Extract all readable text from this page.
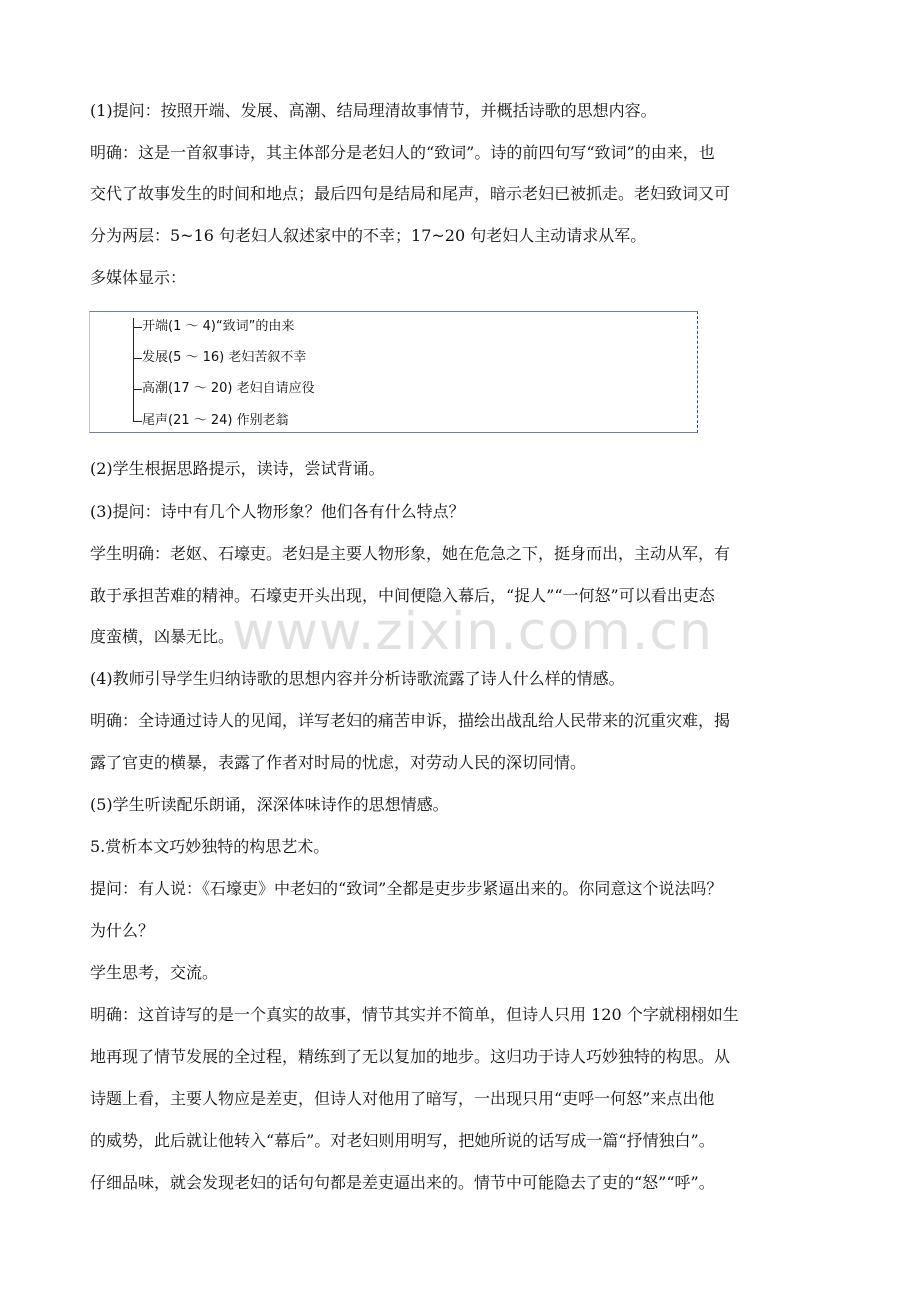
(1)提问：按照开端、发展、高潮、结局理清故事情节，并概括诗歌的思想内容。
明确：这是一首叙事诗，其主体部分是老妇人的“致词”。诗的前四句写“致词”的由来，也
交代了故事发生的时间和地点；最后四句是结局和尾声，暗示老妇已被抓走。老妇致词又可
分为两层：5~16 句老妇人叙述家中的不幸；17~20 句老妇人主动请求从军。
多媒体显示：
开端(1 ～ 4)“致词”的由来
发展(5 ～ 16) 老妇苦叙不幸
高潮(17 ～ 20) 老妇自请应役
尾声(21 ～ 24) 作别老翁
(2)学生根据思路提示，读诗，尝试背诵。
(3)提问：诗中有几个人物形象？他们各有什么特点？
学生明确：老妪、石壕吏。老妇是主要人物形象，她在危急之下，挺身而出，主动从军，有
敢于承担苦难的精神。石壕吏开头出现，中间便隐入幕后，“捉人”“一何怒”可以看出吏态
度蛮横，凶暴无比。
(4)教师引导学生归纳诗歌的思想内容并分析诗歌流露了诗人什么样的情感。
明确：全诗通过诗人的见闻，详写老妇的痛苦申诉，描绘出战乱给人民带来的沉重灾难，揭
露了官吏的横暴，表露了作者对时局的忧虑，对劳动人民的深切同情。
(5)学生听读配乐朗诵，深深体味诗作的思想情感。
5.赏析本文巧妙独特的构思艺术。
提问：有人说：《石壕吏》中老妇的“致词”全都是吏步步紧逼出来的。你同意这个说法吗？
为什么？
学生思考，交流。
明确：这首诗写的是一个真实的故事，情节其实并不简单，但诗人只用 120 个字就栩栩如生
地再现了情节发展的全过程，精练到了无以复加的地步。这归功于诗人巧妙独特的构思。从
诗题上看，主要人物应是差吏，但诗人对他用了暗写，一出现只用“吏呼一何怒”来点出他
的威势，此后就让他转入“幕后”。对老妇则用明写，把她所说的话写成一篇“抒情独白”。
仔细品味，就会发现老妇的话句句都是差吏逼出来的。情节中可能隐去了吏的“怒”“呼”。
www.zixin.com.cn
